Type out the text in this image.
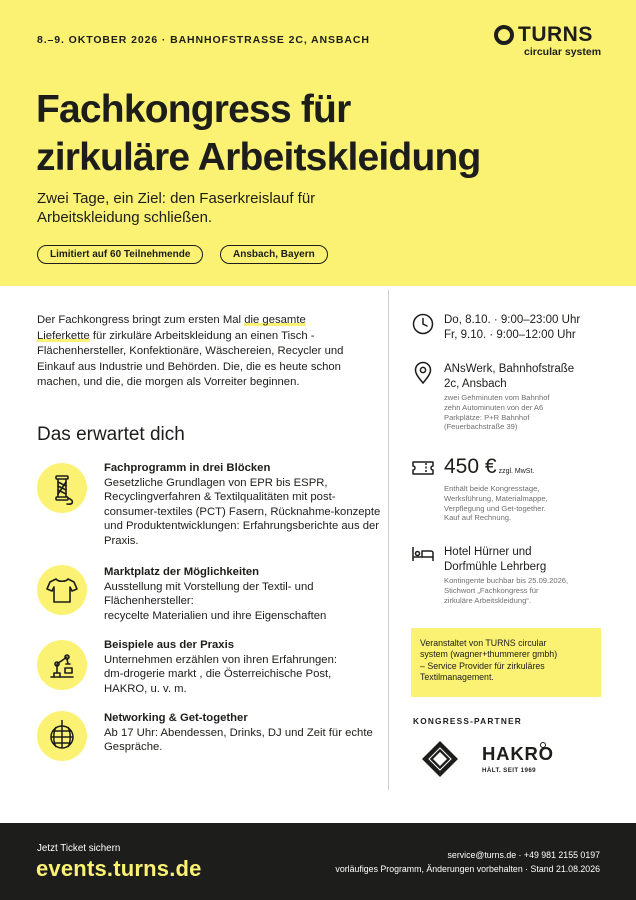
8.–9. OKTOBER 2026 · BAHNHOFSTRASSE 2C, ANSBACH	TURNS
circular system
Fachkongress für
zirkuläre Arbeitskleidung
Zwei Tage, ein Ziel: den Faserkreislauf für
Arbeitskleidung schließen.
Limitiert auf 60 Teilnehmende	Ansbach, Bayern
Der Fachkongress bringt zum ersten Mal die gesamte
Lieferkette für zirkuläre Arbeitskleidung an einen Tisch - Flächenhersteller, Konfektionäre, Wäschereien, Recycler und Einkauf aus Industrie und Behörden. Die, die es heute schon machen, und die, die morgen als Vorreiter beginnen.
Das erwartet dich
Fachprogramm in drei Blöcken
Gesetzliche Grundlagen von EPR bis ESPR, Recyclingverfahren & Textilqualitäten mit post-consumer-textiles (PCT) Fasern, Rücknahme-konzepte und Produktentwicklungen: Erfahrungsberichte aus der Praxis.
Marktplatz der Möglichkeiten
Ausstellung mit Vorstellung der Textil- und Flächenhersteller:
recycelte Materialien und ihre Eigenschaften
Beispiele aus der Praxis
Unternehmen erzählen von ihren Erfahrungen:
dm-drogerie markt , die Österreichische Post,
HAKRO, u. v. m.
Networking & Get-together
Ab 17 Uhr: Abendessen, Drinks, DJ und Zeit für echte Gespräche.
Do, 8.10. · 9:00–23:00 Uhr
Fr, 9.10. · 9:00–12:00 Uhr
ANsWerk, Bahnhofstraße
2c, Ansbach
zwei Gehminuten vom Bahnhof
zehn Autominuten von der A6
Parkplätze: P+R Bahnhof
(Feuerbachstraße 39)
450 € zzgl. MwSt.
Enthält beide Kongresstage,
Werksführung, Materialmappe,
Verpflegung und Get-together.
Kauf auf Rechnung.
Hotel Hürner und
Dorfmühle Lehrberg
Kontingente buchbar bis 25.09.2026,
Stichwort „Fachkongress für
zirkuläre Arbeitskleidung“.
Veranstaltet von TURNS circular
system (wagner+thummerer gmbh)
– Service Provider für zirkuläres
Textilmanagement.
KONGRESS-PARTNER
HAKRO
HÄLT. SEIT 1969
Jetzt Ticket sichern
events.turns.de
service@turns.de · +49 981 2155 0197
vorläufiges Programm, Änderungen vorbehalten · Stand 21.08.2026
